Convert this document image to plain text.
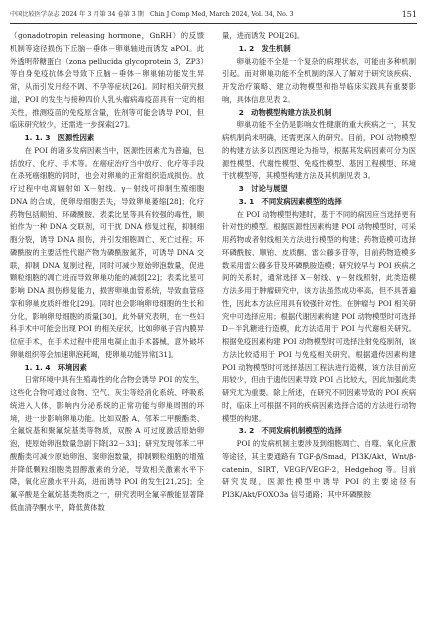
中国比较医学杂志 2024 年 3 月第 34 卷第 3 期　Chin J Comp Med, March 2024, Vol. 34, No. 3	151

（gonadotropin releasing hormone，GnRH）的反馈机制等途径损伤下丘脑－垂体－卵巢轴进而诱发 aPOI。此外透明带糖蛋白（zona pellucida glycoprotein 3，ZP3）等自身免疫抗体会导致下丘脑－垂体－卵巢轴功能发生异常，从而引发月经不调、不孕等症状[26]。同时相关研究报道，POI 的发生与接种四价人乳头瘤病毒疫苗具有一定的相关性，推测疫苗的免疫原含量，佐剂等可能会诱导 POI，但临床研究较少，还需进一步探索[27]。

1. 1. 3　医源性因素

在 POI 的诸多发病因素当中，医源性因素尤为普遍，包括放疗、化疗、手术等。在癌症治疗当中放疗、化疗等手段在杀死癌细胞的同时，也会对卵巢的正常组织造成损伤。放疗过程中电离辐射如 X－射线、γ－射线可抑制生殖细胞 DNA 的合成，使卵母细胞丢失，导致卵巢萎缩[28]；化疗药物包括顺铂、环磷酰胺、表柔比星等具有较强的毒性，顺铂作为一种 DNA 交联剂，可干扰 DNA 修复过程，抑制细胞分裂，诱导 DNA 损伤，并引发细胞凋亡、死亡过程；环磷酰胺的主要活性代谢产物为磷酰胺氮芥，可诱导 DNA 交联，抑制 DNA 复制过程，同时可减少原始卵泡数量，促进颗粒细胞的凋亡进而导致卵巢功能的减弱[22]；表柔比星可影响 DNA 损伤修复能力，损害卵巢血管系统，导致血管痉挛和卵巢皮质纤维化[29]。同时也会影响卵母细胞的生长和分化，影响卵母细胞的质量[30]。此外研究表明，在一些妇科手术中可能会出现 POI 的相关症状，比如卵巢子宫内膜异位症手术，在手术过程中使用电凝止血手术器械，意外破坏卵巢组织等会加速卵泡耗竭，使卵巢功能异常[31]。

1. 1. 4　环境因素

日常环境中具有生殖毒性的化合物会诱导 POI 的发生，这些化合物可通过食物、空气、灰尘等经消化系统、呼吸系统进入人体，影响内分泌系统的正常功能与卵巢周围的环境，进一步影响卵巢功能。比如双酚 A、邻苯二甲酸酯类、全氟烷基和聚氟烷基类等物质，双酚 A 可过度激活原始卵泡，使原始卵泡数量急剧下降[32－33]；研究发现邻苯二甲酸酯类可减少原始卵泡、窦卵泡数量，抑制颗粒细胞的增殖并降低颗粒细胞类固醇激素的分泌，导致相关激素水平下降，氧化应激水平升高，进而诱导 POI 的发生[21,25]；全氟辛酸是全氟烷基类物质之一，研究表明全氟辛酸能显著降低血清孕酮水平，降低黄体数

量，进而诱发 POI[26]。

1. 2　发生机制

卵巢功能不全是一个复杂的病理状态，可能由多种机制引起。而对卵巢功能不全机制的深入了解对于研究该疾病、开发治疗策略、建立动物模型和指导临床实践具有重要影响，具体信息见表 2。

2　动物模型构建方法及机制

卵巢功能不全仍是影响女性健康的重大疾病之一，其发病机制尚未明确，还需更深入的研究。目前，POI 动物模型的构建方法多以西医理论为指导，根据其发病因素可分为医源性模型、代谢性模型、免疫性模型、基因工程模型、环境干扰模型等，其模型构建方法及其机制见表 3。

3　讨论与展望

3. 1　不同发病因素模型的选择

在 POI 动物模型构建时，基于不同的病因应当选择更有针对性的模型。根据医源性因素构建 POI 动物模型时，可采用药物或者射线相关方法进行模型的构建；药物造模可选择环磷酰胺、顺铂、皮质酮、雷公藤多苷等，目前药物造模多数采用雷公藤多苷及环磷酰胺造模；研究较早与 POI 疾病之间的关系时，通常选择 X－射线、γ－射线照射，此类造模方法多用于肿瘤研究中，该方法虽然成功率高，但不具普遍性，因此本方法应用具有较强针对性。在肿瘤与 POI 相关研究中可选择应用；根据代谢因素构建 POI 动物模型时可选择 D－半乳糖进行造模，此方法适用于 POI 与代谢相关研究。根据免疫因素构建 POI 动物模型时可选择注射免疫制剂，该方法比较适用于 POI 与免疫相关研究。根据遗传因素构建 POI 动物模型时可选择基因工程法进行造模，该方法目前应用较少，但由于遗传因素导致 POI 占比较大，因此加强此类研究尤为重要。除上所述，在研究不同因素导致的 POI 疾病时，临床上可根据不同的疾病因素选择合适的方法进行动物模型的构建。

3. 2　不同发病机制模型的选择

POI 的发病机制主要涉及到细胞凋亡、自噬、氧化应激等途径，其主要通路有 TGF-β/Smad，PI3K/Akt，Wnt/β-catenin，SIRT，VEGF/VEGF-2，Hedgehog 等。目前研究发现，医源性模型中诱导 POI 的主要途径有 PI3K/Akt/FOXO3a 信号通路；其中环磷酰胺
